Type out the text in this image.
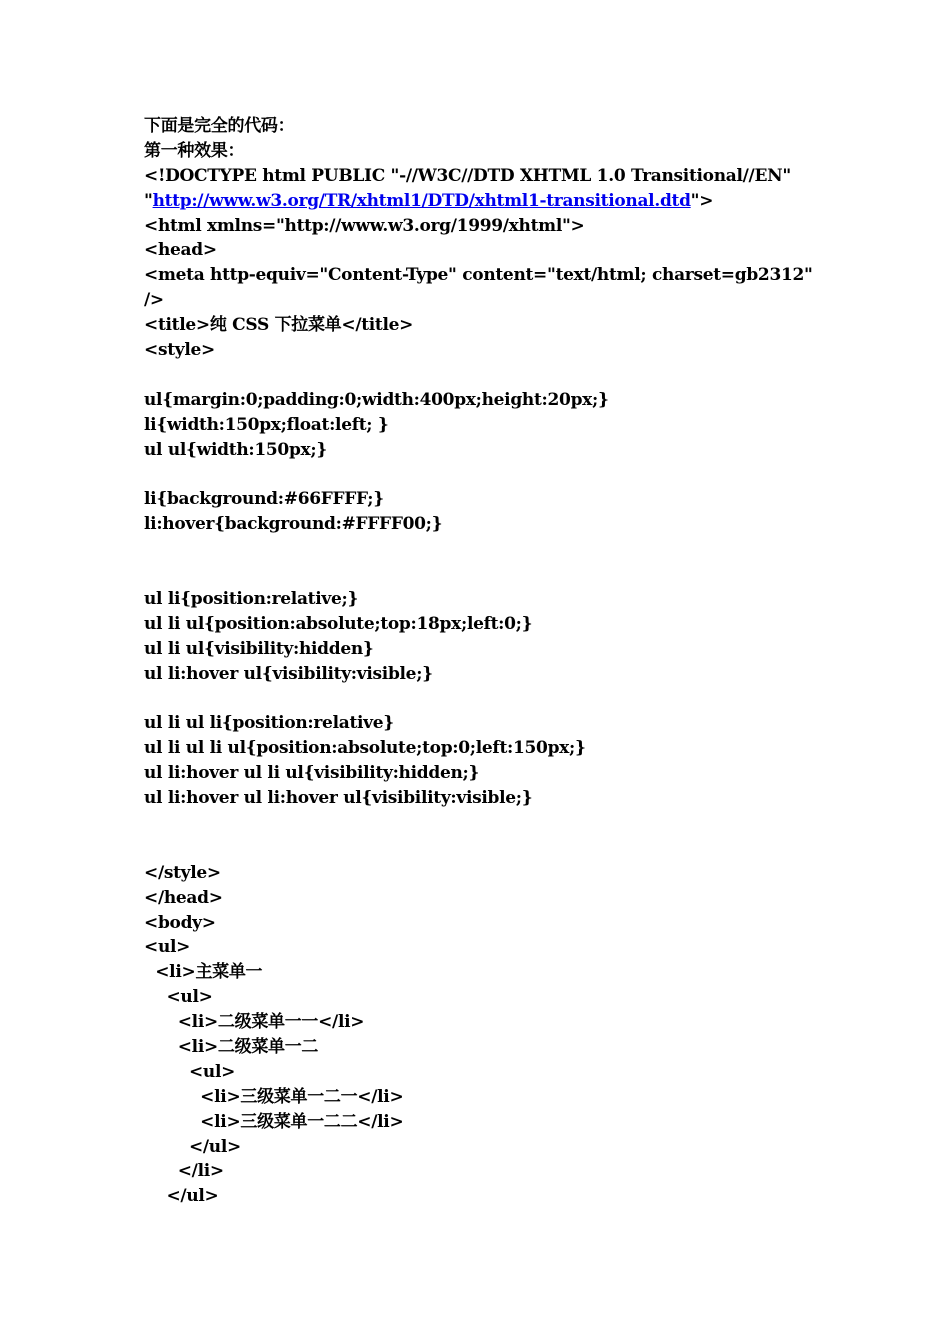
下面是完全的代码：
第一种效果：
<!DOCTYPE html PUBLIC "-//W3C//DTD XHTML 1.0 Transitional//EN"
"http://www.w3.org/TR/xhtml1/DTD/xhtml1-transitional.dtd">
<html xmlns="http://www.w3.org/1999/xhtml">
<head>
<meta http-equiv="Content-Type" content="text/html; charset=gb2312"
/>
<title>纯 CSS 下拉菜单</title>
<style>
ul{margin:0;padding:0;width:400px;height:20px;}
li{width:150px;float:left; }
ul ul{width:150px;}
li{background:#66FFFF;}
li:hover{background:#FFFF00;}
ul li{position:relative;}
ul li ul{position:absolute;top:18px;left:0;}
ul li ul{visibility:hidden}
ul li:hover ul{visibility:visible;}
ul li ul li{position:relative}
ul li ul li ul{position:absolute;top:0;left:150px;}
ul li:hover ul li ul{visibility:hidden;}
ul li:hover ul li:hover ul{visibility:visible;}
</style>
</head>
<body>
<ul>
<li>主菜单一
<ul>
<li>二级菜单一一</li>
<li>二级菜单一二
<ul>
<li>三级菜单一二一</li>
<li>三级菜单一二二</li>
</ul>
</li>
</ul>
